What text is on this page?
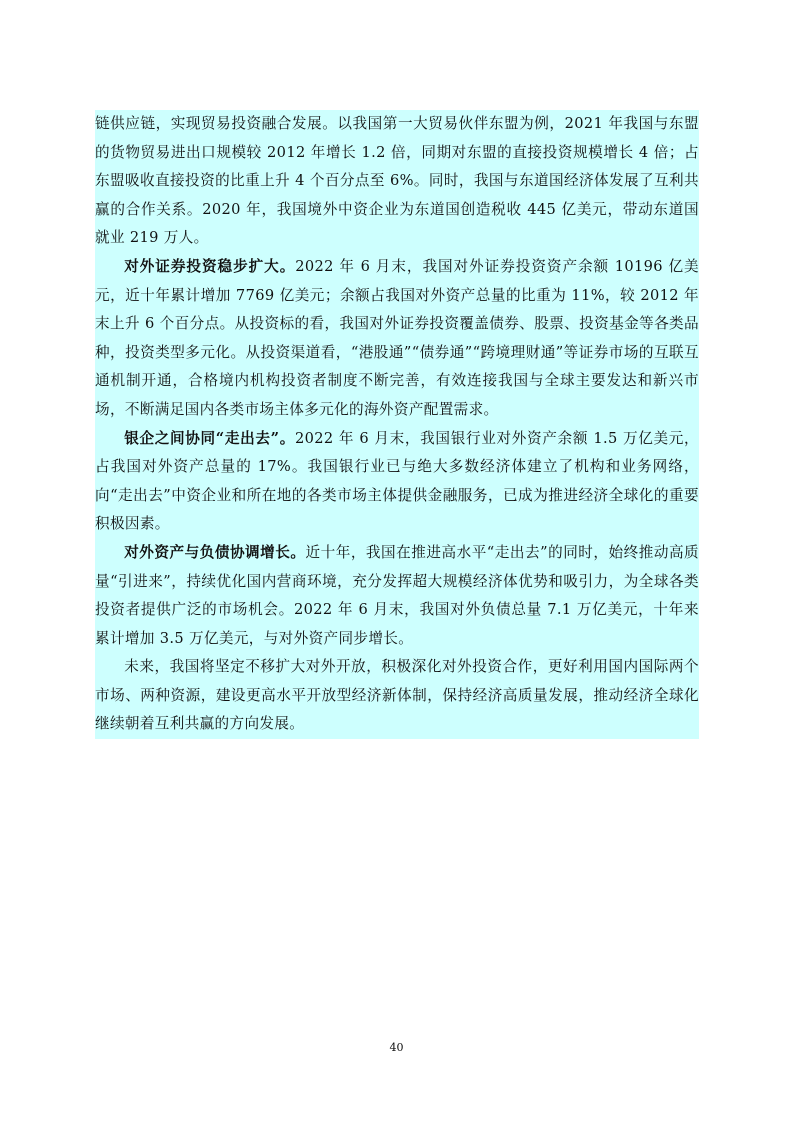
链供应链，实现贸易投资融合发展。以我国第一大贸易伙伴东盟为例，2021 年我国与东盟的货物贸易进出口规模较 2012 年增长 1.2 倍，同期对东盟的直接投资规模增长 4 倍；占东盟吸收直接投资的比重上升 4 个百分点至 6%。同时，我国与东道国经济体发展了互利共赢的合作关系。2020 年，我国境外中资企业为东道国创造税收 445 亿美元，带动东道国就业 219 万人。

对外证券投资稳步扩大。2022 年 6 月末，我国对外证券投资资产余额 10196 亿美元，近十年累计增加 7769 亿美元；余额占我国对外资产总量的比重为 11%，较 2012 年末上升 6 个百分点。从投资标的看，我国对外证券投资覆盖债券、股票、投资基金等各类品种，投资类型多元化。从投资渠道看，“港股通”“债券通”“跨境理财通”等证券市场的互联互通机制开通，合格境内机构投资者制度不断完善，有效连接我国与全球主要发达和新兴市场，不断满足国内各类市场主体多元化的海外资产配置需求。

银企之间协同“走出去”。2022 年 6 月末，我国银行业对外资产余额 1.5 万亿美元，占我国对外资产总量的 17%。我国银行业已与绝大多数经济体建立了机构和业务网络，向“走出去”中资企业和所在地的各类市场主体提供金融服务，已成为推进经济全球化的重要积极因素。

对外资产与负债协调增长。近十年，我国在推进高水平“走出去”的同时，始终推动高质量“引进来”，持续优化国内营商环境，充分发挥超大规模经济体优势和吸引力，为全球各类投资者提供广泛的市场机会。2022 年 6 月末，我国对外负债总量 7.1 万亿美元，十年来累计增加 3.5 万亿美元，与对外资产同步增长。

未来，我国将坚定不移扩大对外开放，积极深化对外投资合作，更好利用国内国际两个市场、两种资源，建设更高水平开放型经济新体制，保持经济高质量发展，推动经济全球化继续朝着互利共赢的方向发展。

40
